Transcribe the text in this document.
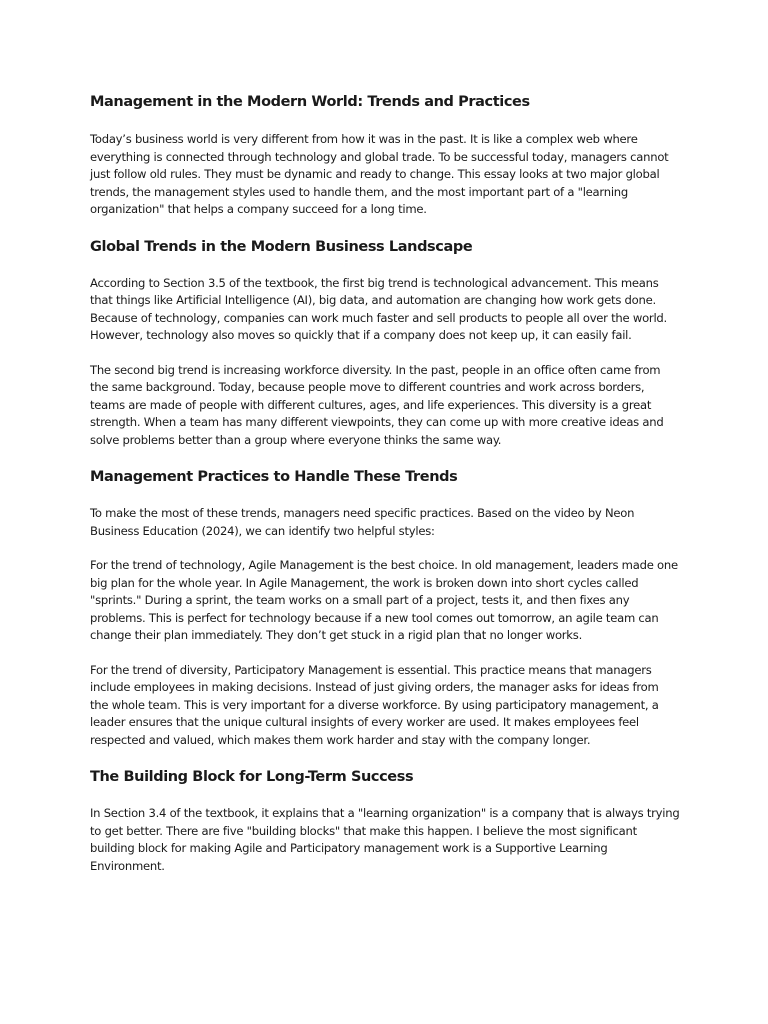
Management in the Modern World: Trends and Practices

Today’s business world is very different from how it was in the past. It is like a complex web where everything is connected through technology and global trade. To be successful today, managers cannot just follow old rules. They must be dynamic and ready to change. This essay looks at two major global trends, the management styles used to handle them, and the most important part of a "learning organization" that helps a company succeed for a long time.

Global Trends in the Modern Business Landscape

According to Section 3.5 of the textbook, the first big trend is technological advancement. This means that things like Artificial Intelligence (AI), big data, and automation are changing how work gets done. Because of technology, companies can work much faster and sell products to people all over the world. However, technology also moves so quickly that if a company does not keep up, it can easily fail.

The second big trend is increasing workforce diversity. In the past, people in an office often came from the same background. Today, because people move to different countries and work across borders, teams are made of people with different cultures, ages, and life experiences. This diversity is a great strength. When a team has many different viewpoints, they can come up with more creative ideas and solve problems better than a group where everyone thinks the same way.

Management Practices to Handle These Trends

To make the most of these trends, managers need specific practices. Based on the video by Neon Business Education (2024), we can identify two helpful styles:

For the trend of technology, Agile Management is the best choice. In old management, leaders made one big plan for the whole year. In Agile Management, the work is broken down into short cycles called "sprints." During a sprint, the team works on a small part of a project, tests it, and then fixes any problems. This is perfect for technology because if a new tool comes out tomorrow, an agile team can change their plan immediately. They don’t get stuck in a rigid plan that no longer works.

For the trend of diversity, Participatory Management is essential. This practice means that managers include employees in making decisions. Instead of just giving orders, the manager asks for ideas from the whole team. This is very important for a diverse workforce. By using participatory management, a leader ensures that the unique cultural insights of every worker are used. It makes employees feel respected and valued, which makes them work harder and stay with the company longer.

The Building Block for Long-Term Success

In Section 3.4 of the textbook, it explains that a "learning organization" is a company that is always trying to get better. There are five "building blocks" that make this happen. I believe the most significant building block for making Agile and Participatory management work is a Supportive Learning Environment.
